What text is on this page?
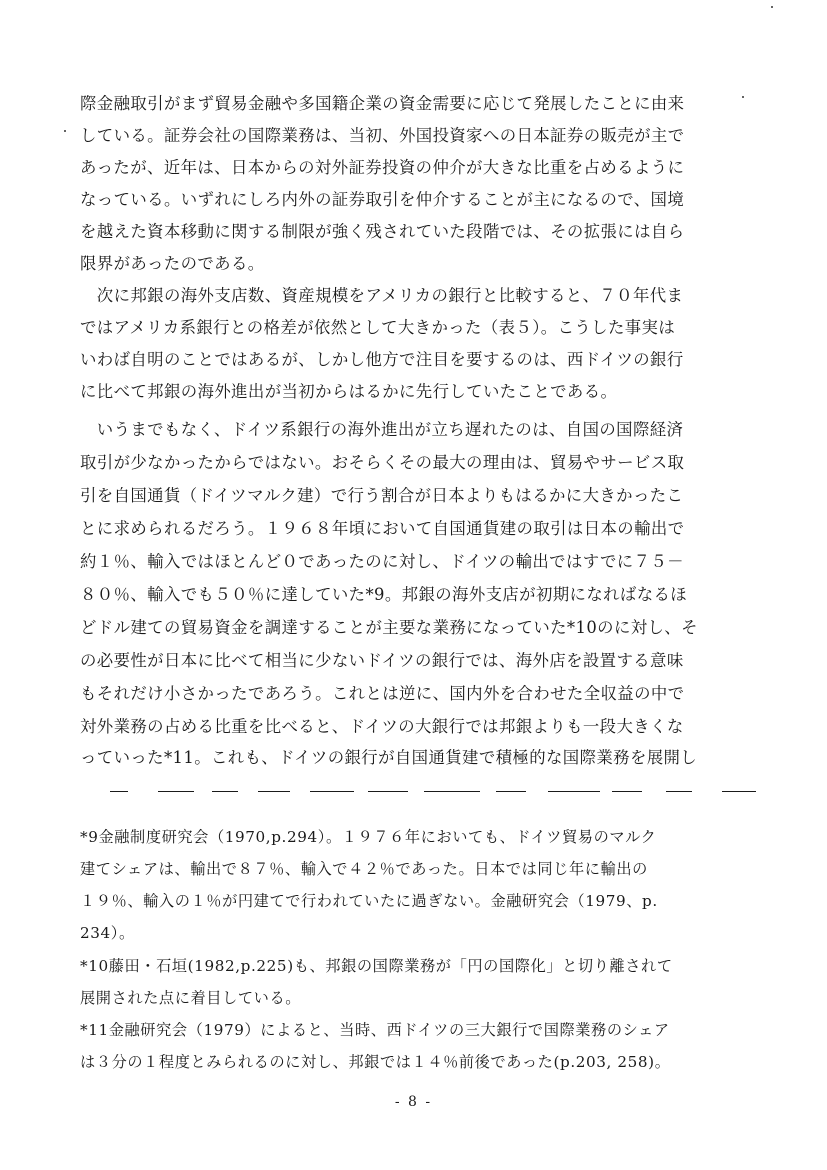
際金融取引がまず貿易金融や多国籍企業の資金需要に応じて発展したことに由来
している。証券会社の国際業務は、当初、外国投資家への日本証券の販売が主で
あったが、近年は、日本からの対外証券投資の仲介が大きな比重を占めるように
なっている。いずれにしろ内外の証券取引を仲介することが主になるので、国境
を越えた資本移動に関する制限が強く残されていた段階では、その拡張には自ら
限界があったのである。
　次に邦銀の海外支店数、資産規模をアメリカの銀行と比較すると、７０年代ま
ではアメリカ系銀行との格差が依然として大きかった（表５）。こうした事実は
いわば自明のことではあるが、しかし他方で注目を要するのは、西ドイツの銀行
に比べて邦銀の海外進出が当初からはるかに先行していたことである。
　いうまでもなく、ドイツ系銀行の海外進出が立ち遅れたのは、自国の国際経済
取引が少なかったからではない。おそらくその最大の理由は、貿易やサービス取
引を自国通貨（ドイツマルク建）で行う割合が日本よりもはるかに大きかったこ
とに求められるだろう。１９６８年頃において自国通貨建の取引は日本の輸出で
約１％、輸入ではほとんど０であったのに対し、ドイツの輸出ではすでに７５－
８０％、輸入でも５０％に達していた*9。邦銀の海外支店が初期になればなるほ
どドル建ての貿易資金を調達することが主要な業務になっていた*10のに対し、そ
の必要性が日本に比べて相当に少ないドイツの銀行では、海外店を設置する意味
もそれだけ小さかったであろう。これとは逆に、国内外を合わせた全収益の中で
対外業務の占める比重を比べると、ドイツの大銀行では邦銀よりも一段大きくな
っていった*11。これも、ドイツの銀行が自国通貨建で積極的な国際業務を展開し
*9金融制度研究会（1970,p.294）。１９７６年においても、ドイツ貿易のマルク
建てシェアは、輸出で８７％、輸入で４２％であった。日本では同じ年に輸出の
１９％、輸入の１％が円建てで行われていたに過ぎない。金融研究会（1979、p.
234）。
*10藤田・石垣(1982,p.225)も、邦銀の国際業務が「円の国際化」と切り離されて
展開された点に着目している。
*11金融研究会（1979）によると、当時、西ドイツの三大銀行で国際業務のシェア
は３分の１程度とみられるのに対し、邦銀では１４％前後であった(p.203, 258)。
- 8 -
